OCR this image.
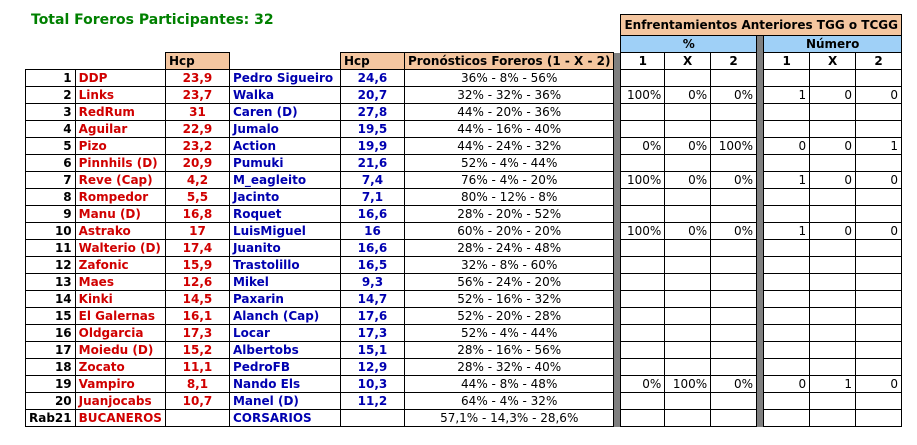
Total Foreros Participantes: 32
							Enfrentamientos Anteriores TGG o TCGG						
							%				Número		
		Hcp		Hcp	Pronósticos Foreros (1 - X - 2)		1	X	2		1	X	2
1	DDP	23,9	Pedro Sigueiro	24,6	36% - 8% - 56%								
2	Links	23,7	Walka	20,7	32% - 32% - 36%		100%	0%	0%		1	0	0
3	RedRum	31	Caren (D)	27,8	44% - 20% - 36%								
4	Aguilar	22,9	Jumalo	19,5	44% - 16% - 40%								
5	Pizo	23,2	Action	19,9	44% - 24% - 32%		0%	0%	100%		0	0	1
6	Pinnhils (D)	20,9	Pumuki	21,6	52% - 4% - 44%								
7	Reve (Cap)	4,2	M_eagleito	7,4	76% - 4% - 20%		100%	0%	0%		1	0	0
8	Rompedor	5,5	Jacinto	7,1	80% - 12% - 8%								
9	Manu (D)	16,8	Roquet	16,6	28% - 20% - 52%								
10	Astrako	17	LuisMiguel	16	60% - 20% - 20%		100%	0%	0%		1	0	0
11	Walterio (D)	17,4	Juanito	16,6	28% - 24% - 48%								
12	Zafonic	15,9	Trastolillo	16,5	32% - 8% - 60%								
13	Maes	12,6	Mikel	9,3	56% - 24% - 20%								
14	Kinki	14,5	Paxarin	14,7	52% - 16% - 32%								
15	El Galernas	16,1	Alanch (Cap)	17,6	52% - 20% - 28%								
16	Oldgarcia	17,3	Locar	17,3	52% - 4% - 44%								
17	Moiedu (D)	15,2	Albertobs	15,1	28% - 16% - 56%								
18	Zocato	11,1	PedroFB	12,9	28% - 32% - 40%								
19	Vampiro	8,1	Nando Els	10,3	44% - 8% - 48%		0%	100%	0%		0	1	0
20	Juanjocabs	10,7	Manel (D)	11,2	64% - 4% - 32%								
Rab21	BUCANEROS		CORSARIOS		57,1% - 14,3% - 28,6%								
